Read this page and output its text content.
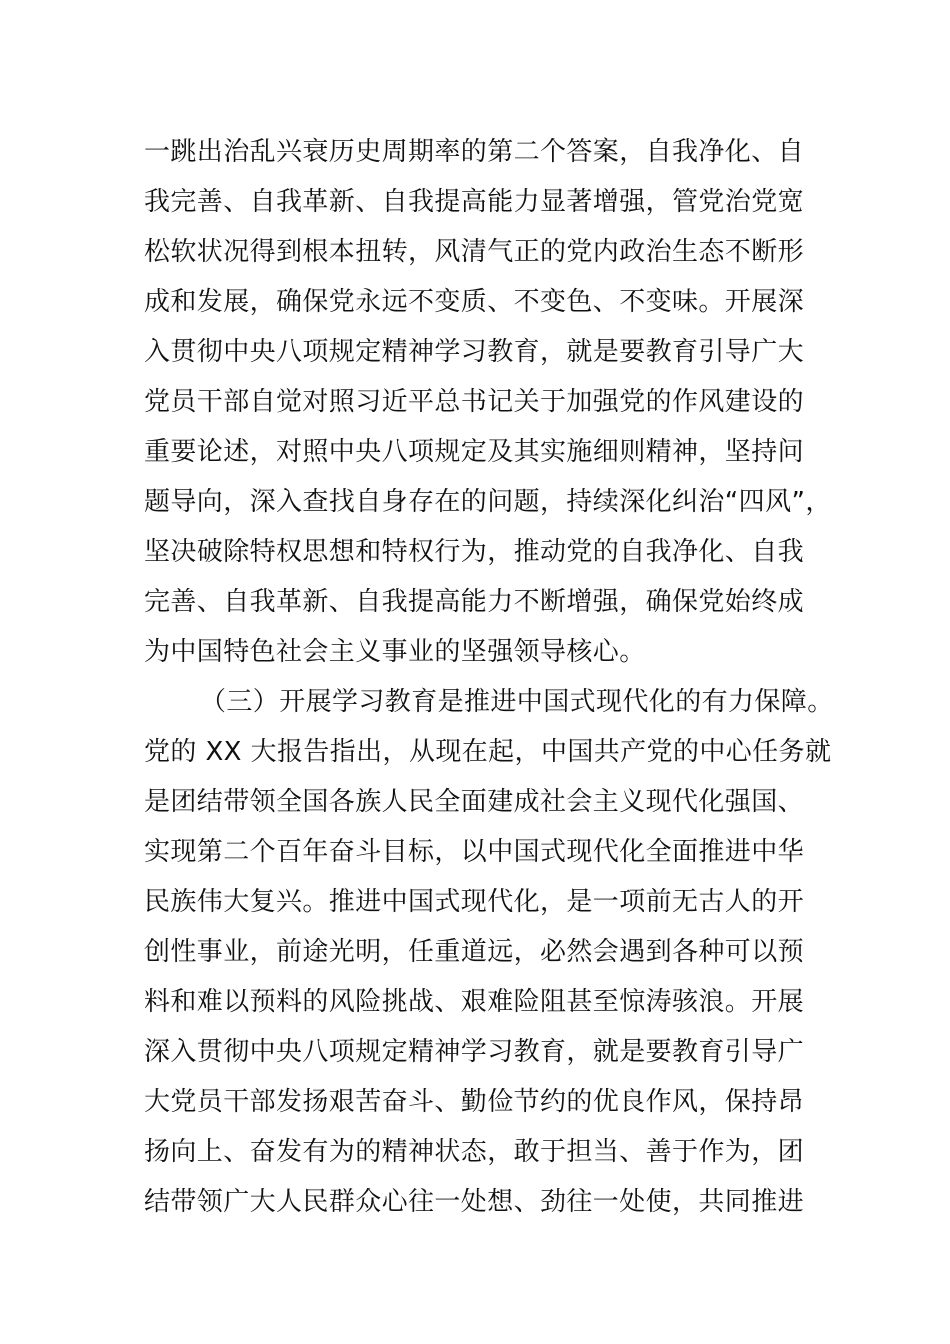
一跳出治乱兴衰历史周期率的第二个答案，自我净化、自
我完善、自我革新、自我提高能力显著增强，管党治党宽
松软状况得到根本扭转，风清气正的党内政治生态不断形
成和发展，确保党永远不变质、不变色、不变味。开展深
入贯彻中央八项规定精神学习教育，就是要教育引导广大
党员干部自觉对照习近平总书记关于加强党的作风建设的
重要论述，对照中央八项规定及其实施细则精神，坚持问
题导向，深入查找自身存在的问题，持续深化纠治“四风”，
坚决破除特权思想和特权行为，推动党的自我净化、自我
完善、自我革新、自我提高能力不断增强，确保党始终成
为中国特色社会主义事业的坚强领导核心。
（三）开展学习教育是推进中国式现代化的有力保障。
党的 XX 大报告指出，从现在起，中国共产党的中心任务就
是团结带领全国各族人民全面建成社会主义现代化强国、
实现第二个百年奋斗目标，以中国式现代化全面推进中华
民族伟大复兴。推进中国式现代化，是一项前无古人的开
创性事业，前途光明，任重道远，必然会遇到各种可以预
料和难以预料的风险挑战、艰难险阻甚至惊涛骇浪。开展
深入贯彻中央八项规定精神学习教育，就是要教育引导广
大党员干部发扬艰苦奋斗、勤俭节约的优良作风，保持昂
扬向上、奋发有为的精神状态，敢于担当、善于作为，团
结带领广大人民群众心往一处想、劲往一处使，共同推进
